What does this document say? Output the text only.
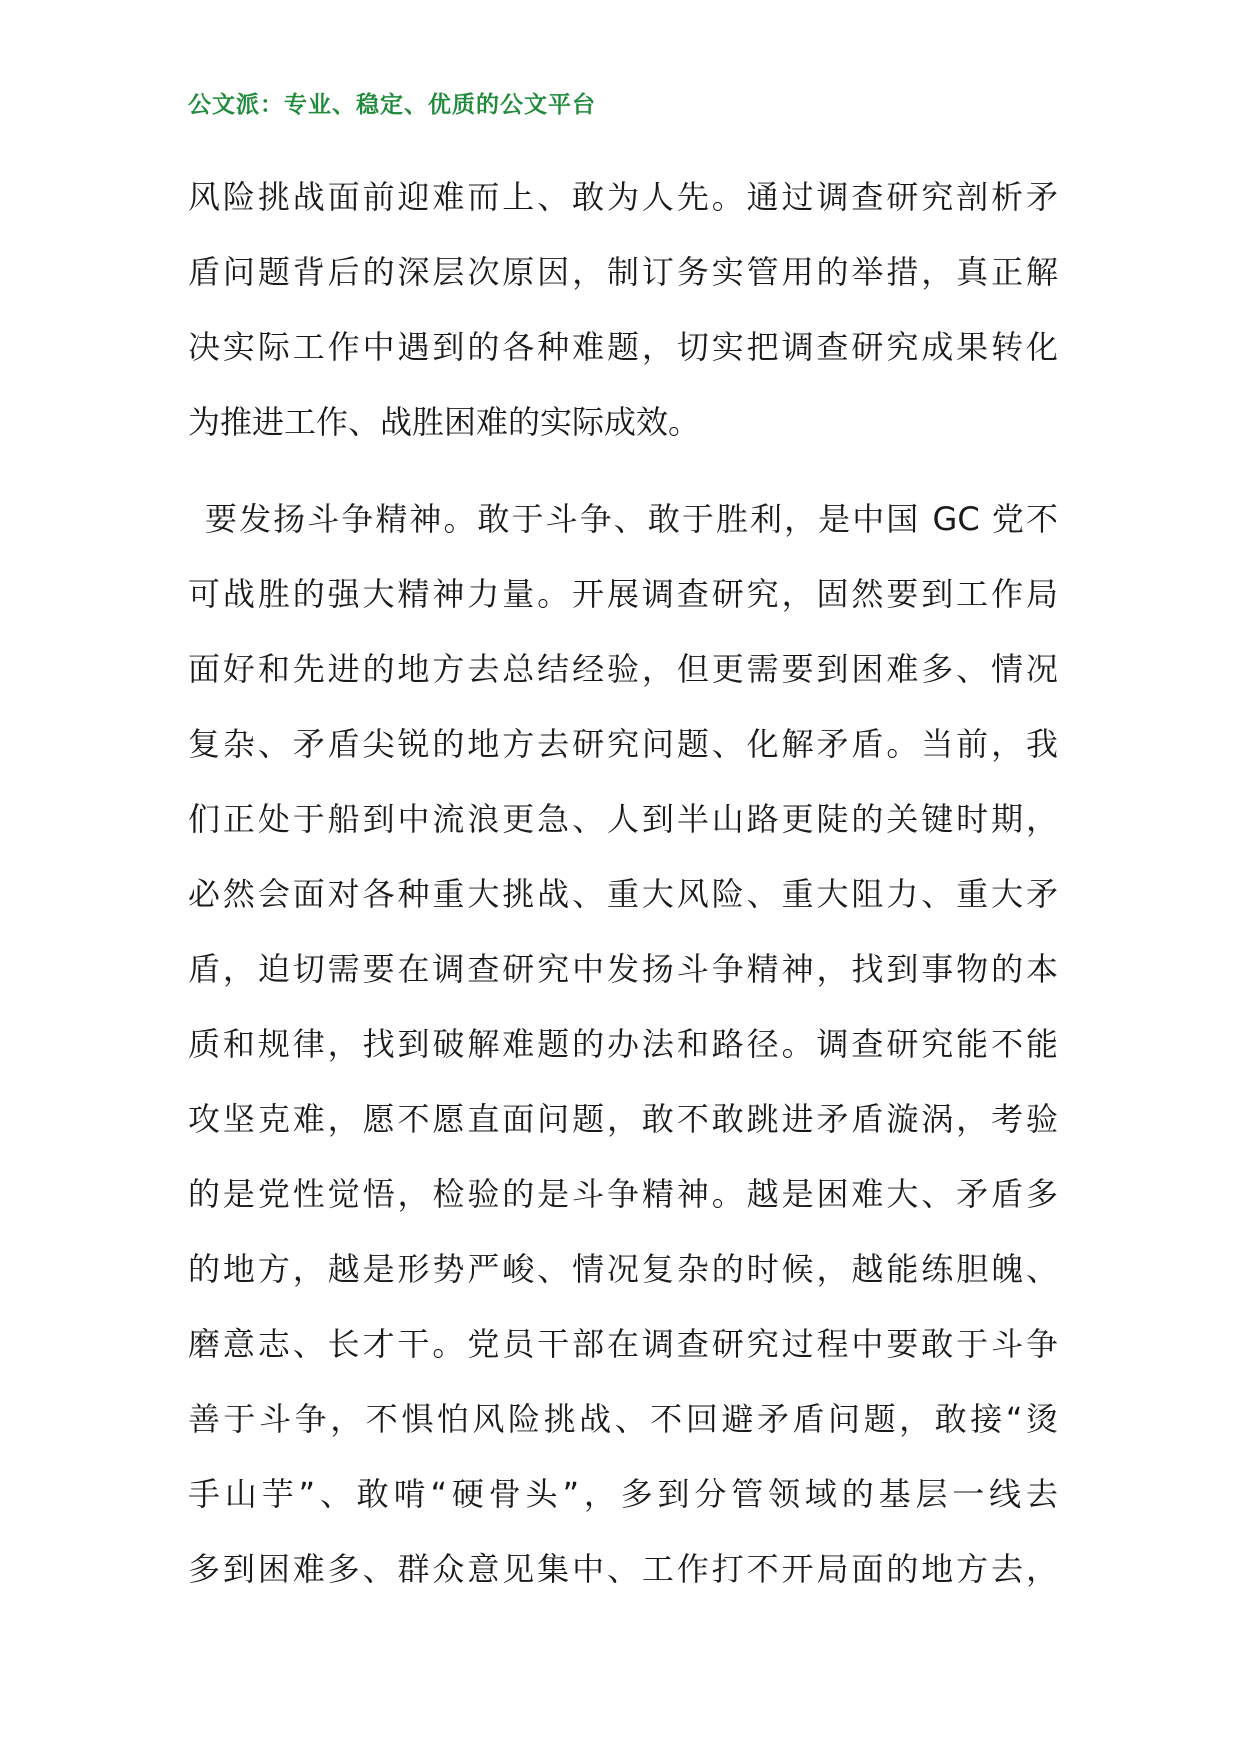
公文派：专业、稳定、优质的公文平台
风险挑战面前迎难而上、敢为人先。通过调查研究剖析矛
盾问题背后的深层次原因，制订务实管用的举措，真正解
决实际工作中遇到的各种难题，切实把调查研究成果转化
为推进工作、战胜困难的实际成效。
要发扬斗争精神。敢于斗争、敢于胜利，是中国 GC 党不
可战胜的强大精神力量。开展调查研究，固然要到工作局
面好和先进的地方去总结经验，但更需要到困难多、情况
复杂、矛盾尖锐的地方去研究问题、化解矛盾。当前，我
们正处于船到中流浪更急、人到半山路更陡的关键时期，
必然会面对各种重大挑战、重大风险、重大阻力、重大矛
盾，迫切需要在调查研究中发扬斗争精神，找到事物的本
质和规律，找到破解难题的办法和路径。调查研究能不能
攻坚克难，愿不愿直面问题，敢不敢跳进矛盾漩涡，考验
的是党性觉悟，检验的是斗争精神。越是困难大、矛盾多
的地方，越是形势严峻、情况复杂的时候，越能练胆魄、
磨意志、长才干。党员干部在调查研究过程中要敢于斗争
善于斗争，不惧怕风险挑战、不回避矛盾问题，敢接“烫
手山芋”、敢啃“硬骨头”，多到分管领域的基层一线去
多到困难多、群众意见集中、工作打不开局面的地方去，
